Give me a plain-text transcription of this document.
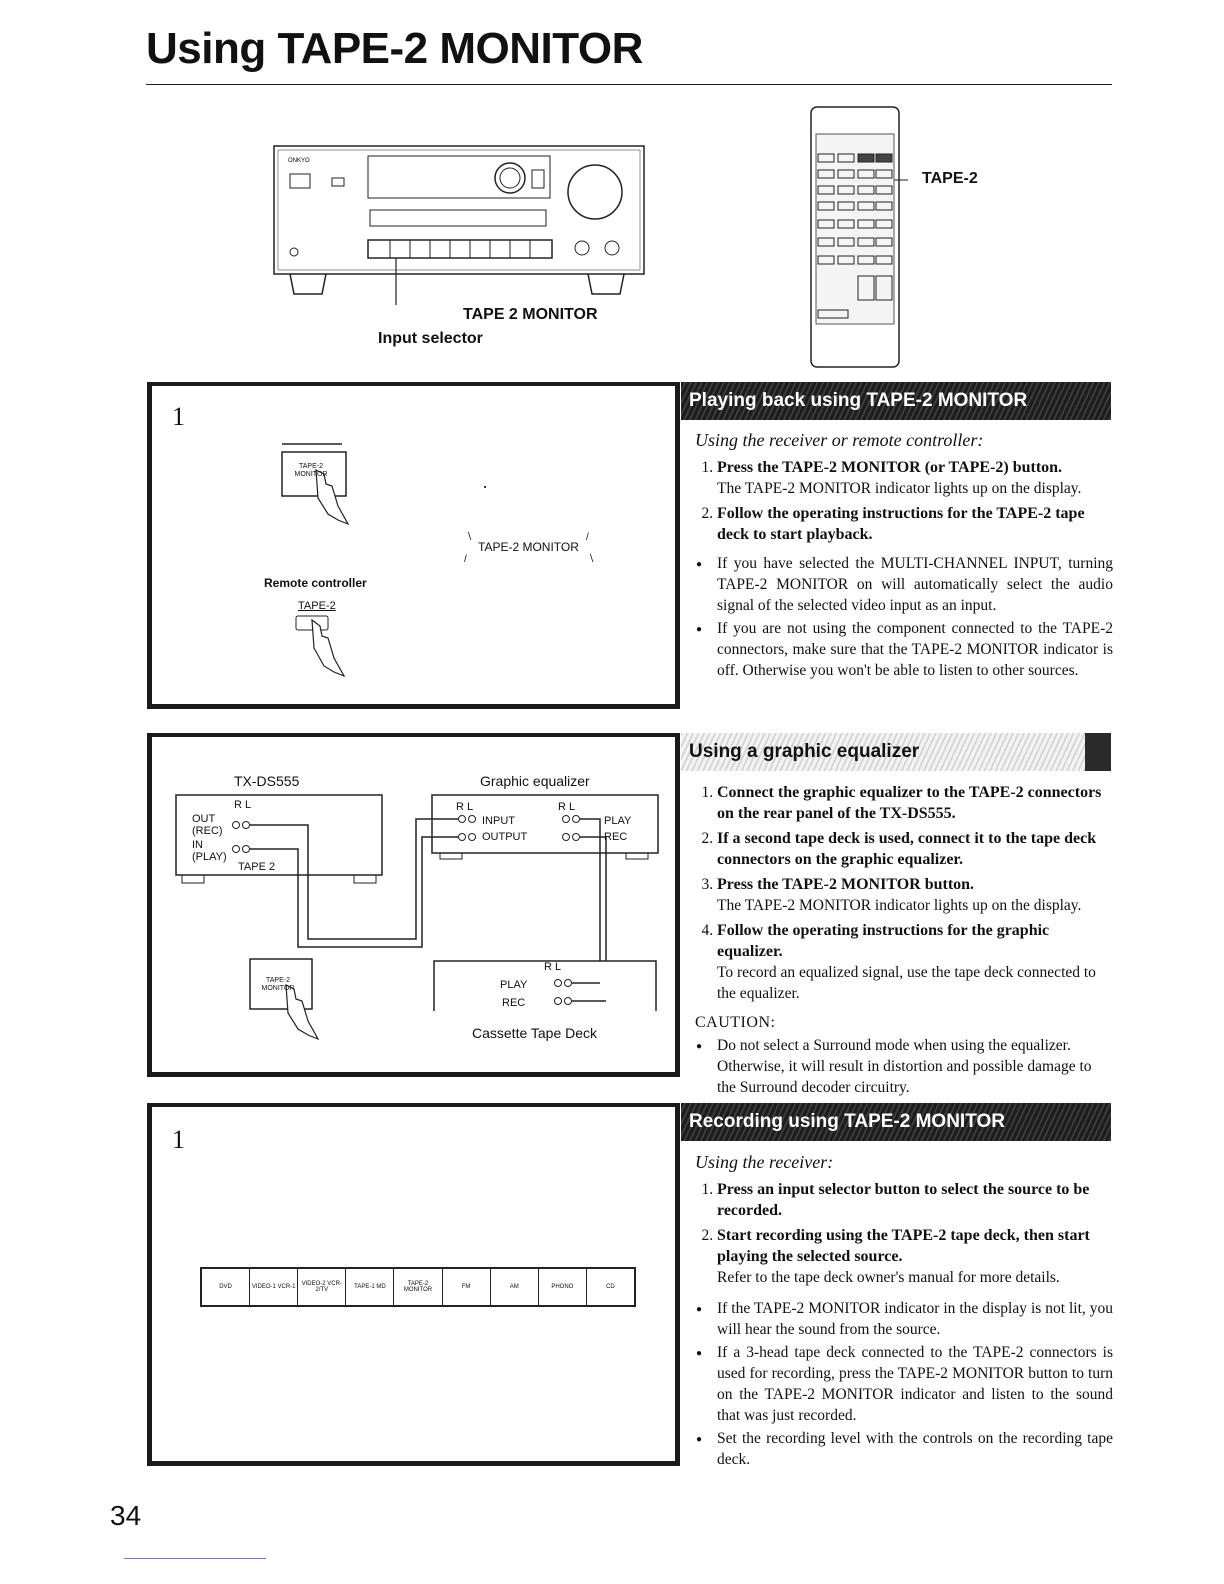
Using TAPE-2 MONITOR
ONKYO
TAPE 2 MONITOR
Input selector
TAPE-2
1
TAPE-2 MONITOR
·
TAPE-2 MONITOR
∖	/
/	∖
Remote controller
TAPE-2
TX-DS555	Graphic equalizer
R L
OUT
(REC)
IN
(PLAY)
TAPE 2
R L	R L
INPUT
OUTPUT
PLAY
REC
R L
PLAY
REC
Cassette Tape Deck
TAPE-2 MONITOR
1
DVD	VIDEO-1 VCR-1	VIDEO-2 VCR-2/TV	TAPE-1 MD	TAPE-2 MONITOR	FM	AM	PHONO	CD
Playing back using TAPE-2 MONITOR
Using the receiver or remote controller:
1. Press the TAPE-2 MONITOR (or TAPE-2) button.
The TAPE-2 MONITOR indicator lights up on the display.
2. Follow the operating instructions for the TAPE-2 tape deck to start playback.
● If you have selected the MULTI-CHANNEL INPUT, turning TAPE-2 MONITOR on will automatically select the audio signal of the selected video input as an input.
● If you are not using the component connected to the TAPE-2 connectors, make sure that the TAPE-2 MONITOR indicator is off. Otherwise you won't be able to listen to other sources.
Using a graphic equalizer
1. Connect the graphic equalizer to the TAPE-2 connectors on the rear panel of the TX-DS555.
2. If a second tape deck is used, connect it to the tape deck connectors on the graphic equalizer.
3. Press the TAPE-2 MONITOR button.
The TAPE-2 MONITOR indicator lights up on the display.
4. Follow the operating instructions for the graphic equalizer.
To record an equalized signal, use the tape deck connected to the equalizer.
CAUTION:
● Do not select a Surround mode when using the equalizer. Otherwise, it will result in distortion and possible damage to the Surround decoder circuitry.
Recording using TAPE-2 MONITOR
Using the receiver:
1. Press an input selector button to select the source to be recorded.
2. Start recording using the TAPE-2 tape deck, then start playing the selected source.
Refer to the tape deck owner's manual for more details.
● If the TAPE-2 MONITOR indicator in the display is not lit, you will hear the sound from the source.
● If a 3-head tape deck connected to the TAPE-2 connectors is used for recording, press the TAPE-2 MONITOR button to turn on the TAPE-2 MONITOR indicator and listen to the sound that was just recorded.
● Set the recording level with the controls on the recording tape deck.
34
